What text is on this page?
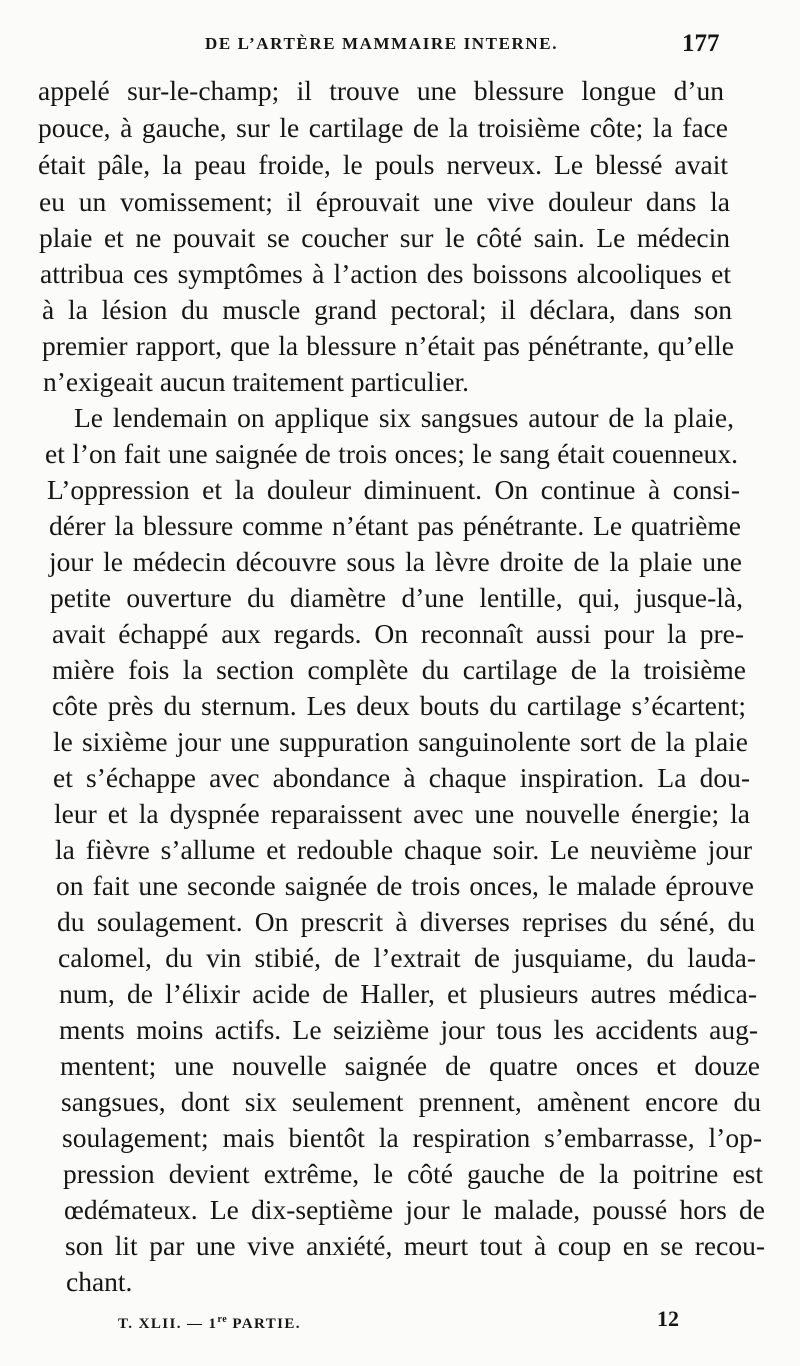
DE L’ARTÈRE MAMMAIRE INTERNE.	177
appelé sur-le-champ; il trouve une blessure longue d’un
pouce, à gauche, sur le cartilage de la troisième côte; la face
était pâle, la peau froide, le pouls nerveux. Le blessé avait
eu un vomissement; il éprouvait une vive douleur dans la
plaie et ne pouvait se coucher sur le côté sain. Le médecin
attribua ces symptômes à l’action des boissons alcooliques et
à la lésion du muscle grand pectoral; il déclara, dans son
premier rapport, que la blessure n’était pas pénétrante, qu’elle
n’exigeait aucun traitement particulier.
Le lendemain on applique six sangsues autour de la plaie,
et l’on fait une saignée de trois onces; le sang était couenneux.
L’oppression et la douleur diminuent. On continue à consi-
dérer la blessure comme n’étant pas pénétrante. Le quatrième
jour le médecin découvre sous la lèvre droite de la plaie une
petite ouverture du diamètre d’une lentille, qui, jusque-là,
avait échappé aux regards. On reconnaît aussi pour la pre-
mière fois la section complète du cartilage de la troisième
côte près du sternum. Les deux bouts du cartilage s’écartent;
le sixième jour une suppuration sanguinolente sort de la plaie
et s’échappe avec abondance à chaque inspiration. La dou-
leur et la dyspnée reparaissent avec une nouvelle énergie; la
la fièvre s’allume et redouble chaque soir. Le neuvième jour
on fait une seconde saignée de trois onces, le malade éprouve
du soulagement. On prescrit à diverses reprises du séné, du
calomel, du vin stibié, de l’extrait de jusquiame, du lauda-
num, de l’élixir acide de Haller, et plusieurs autres médica-
ments moins actifs. Le seizième jour tous les accidents aug-
mentent; une nouvelle saignée de quatre onces et douze
sangsues, dont six seulement prennent, amènent encore du
soulagement; mais bientôt la respiration s’embarrasse, l’op-
pression devient extrême, le côté gauche de la poitrine est
œdémateux. Le dix-septième jour le malade, poussé hors de
son lit par une vive anxiété, meurt tout à coup en se recou-
chant.
T. XLII. — 1re PARTIE.	12
